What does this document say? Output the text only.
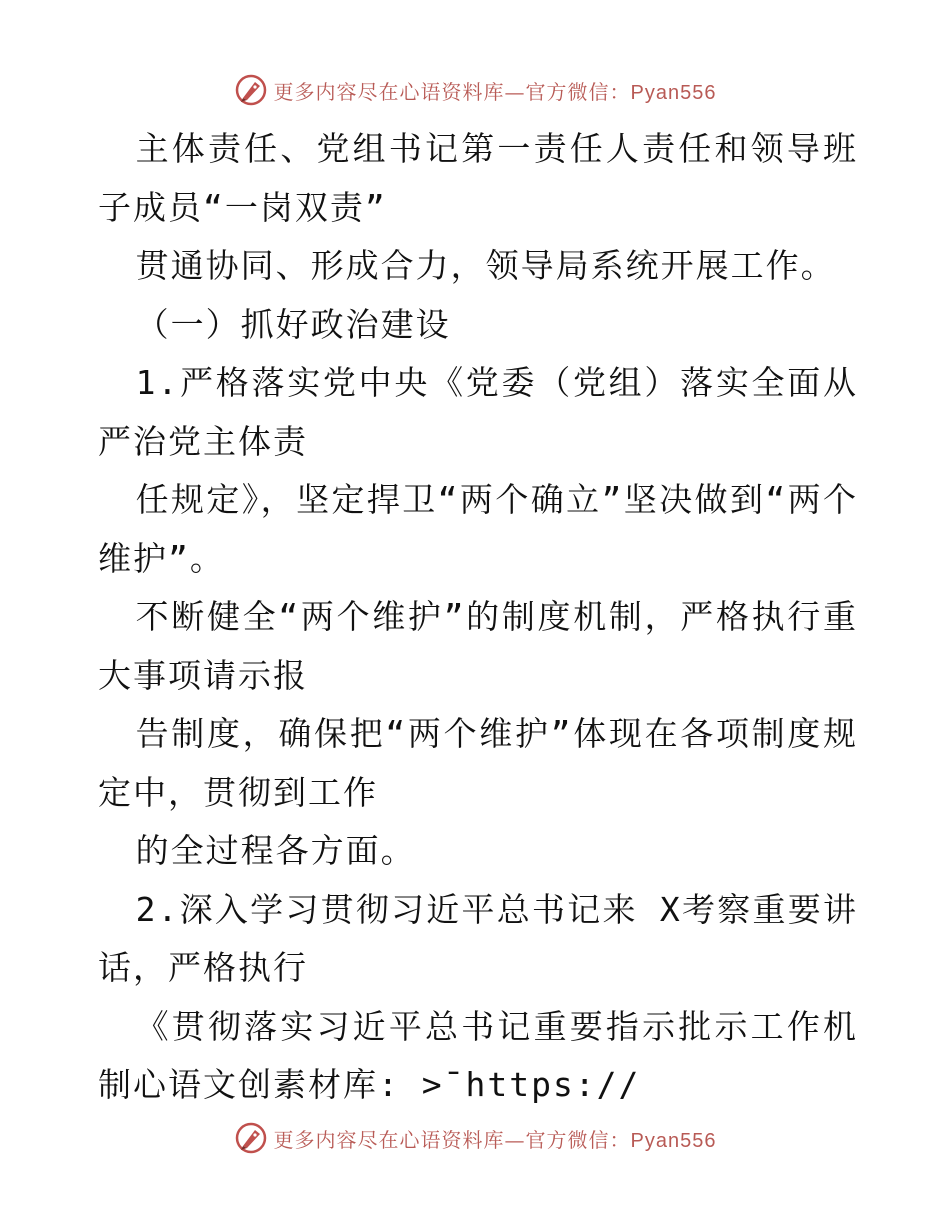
更多内容尽在心语资料库—官方微信：Pyan556

主体责任、党组书记第一责任人责任和领导班子成员“一岗双责”

贯通协同、形成合力，领导局系统开展工作。

（一）抓好政治建设

1.严格落实党中央《党委（党组）落实全面从严治党主体责

任规定》，坚定捍卫“两个确立”坚决做到“两个维护”。

不断健全“两个维护”的制度机制，严格执行重大事项请示报

告制度，确保把“两个维护”体现在各项制度规定中，贯彻到工作

的全过程各方面。

2.深入学习贯彻习近平总书记来 X考察重要讲话，严格执行

《贯彻落实习近平总书记重要指示批示工作机制心语文创素材库: >¯https://

更多内容尽在心语资料库—官方微信：Pyan556
